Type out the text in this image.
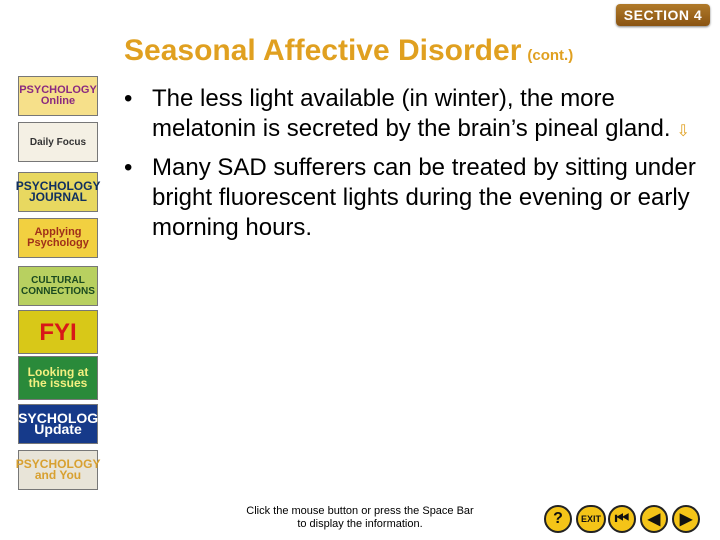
SECTION 4
Seasonal Affective Disorder (cont.)
• The less light available (in winter), the more melatonin is secreted by the brain’s pineal gland. ⇩
• Many SAD sufferers can be treated by sitting under bright fluorescent lights during the evening or early morning hours.
PSYCHOLOGY Online
Daily Focus
PSYCHOLOGY JOURNAL
Applying Psychology
CULTURAL CONNECTIONS
FYI
Looking at the issues
PSYCHOLOGY Update
PSYCHOLOGY and You
Click the mouse button or press the Space Bar
to display the information.	?	EXIT ⏮	◀	▶
